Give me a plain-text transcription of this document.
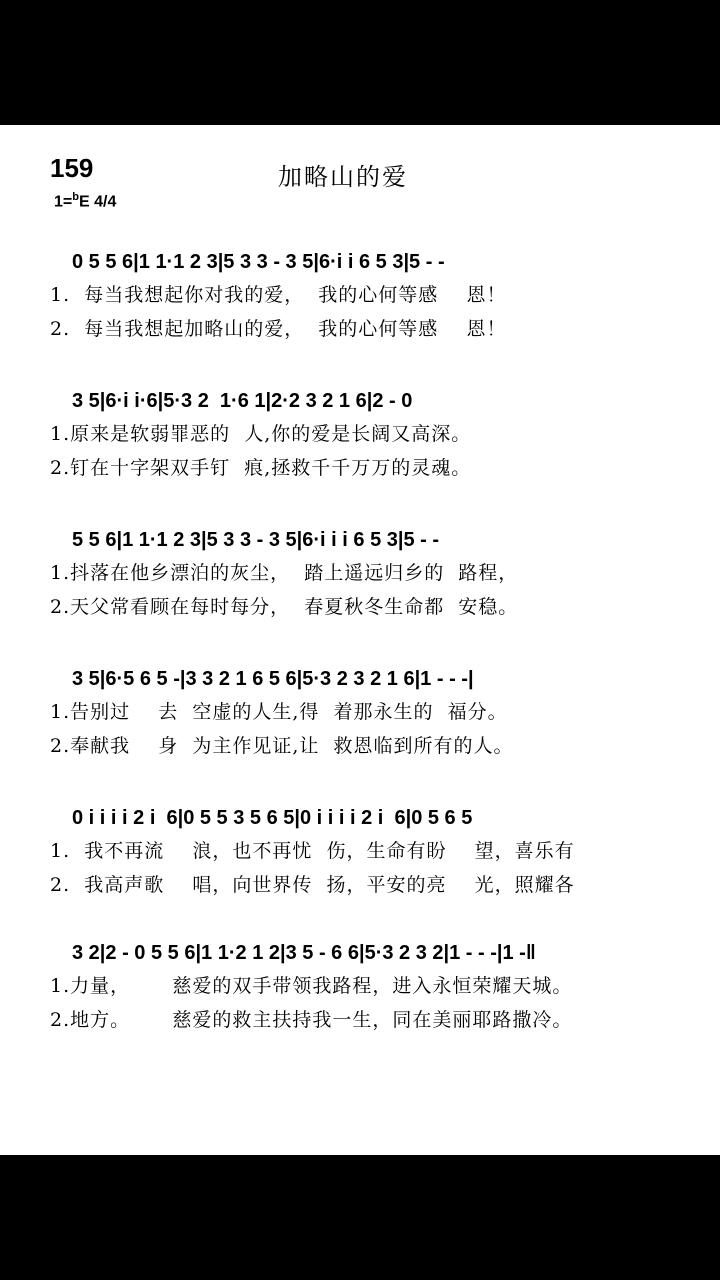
159	加略山的爱
1=$^b$E 4/4
0 5 5 6|1 1·1 2 3|5 3 3 - 3 5|6·i i 6 5 3|5 - -
1.  每当我想起你对我的爱，  我的心何等感    恩！
2.  每当我想起加略山的爱，  我的心何等感    恩！
3 5|6·i i·6|5·3 2  1·6 1|2·2 3 2 1 6|2 - 0
1.原来是软弱罪恶的  人,你的爱是长阔又高深。
2.钉在十字架双手钉  痕,拯救千千万万的灵魂。
5 5 6|1 1·1 2 3|5 3 3 - 3 5|6·i i i 6 5 3|5 - -
1.抖落在他乡漂泊的灰尘，  踏上遥远归乡的  路程，
2.天父常看顾在每时每分，  春夏秋冬生命都  安稳。
3 5|6·5 6 5 -|3 3 2 1 6 5 6|5·3 2 3 2 1 6|1 - - -|
1.告别过    去  空虚的人生,得  着那永生的  福分。
2.奉献我    身  为主作见证,让  救恩临到所有的人。
0 i i i i 2 i  6|0 5 5 3 5 6 5|0 i i i i 2 i  6|0 5 6 5
1.  我不再流    浪，也不再忧  伤，生命有盼    望，喜乐有
2.  我高声歌    唱，向世界传  扬，平安的亮    光，照耀各
3 2|2 - 0 5 5 6|1 1·2 1 2|3 5 - 6 6|5·3 2 3 2|1 - - -|1 -‖
1.力量，      慈爱的双手带领我路程，进入永恒荣耀天城。
2.地方。      慈爱的救主扶持我一生，同在美丽耶路撒冷。
